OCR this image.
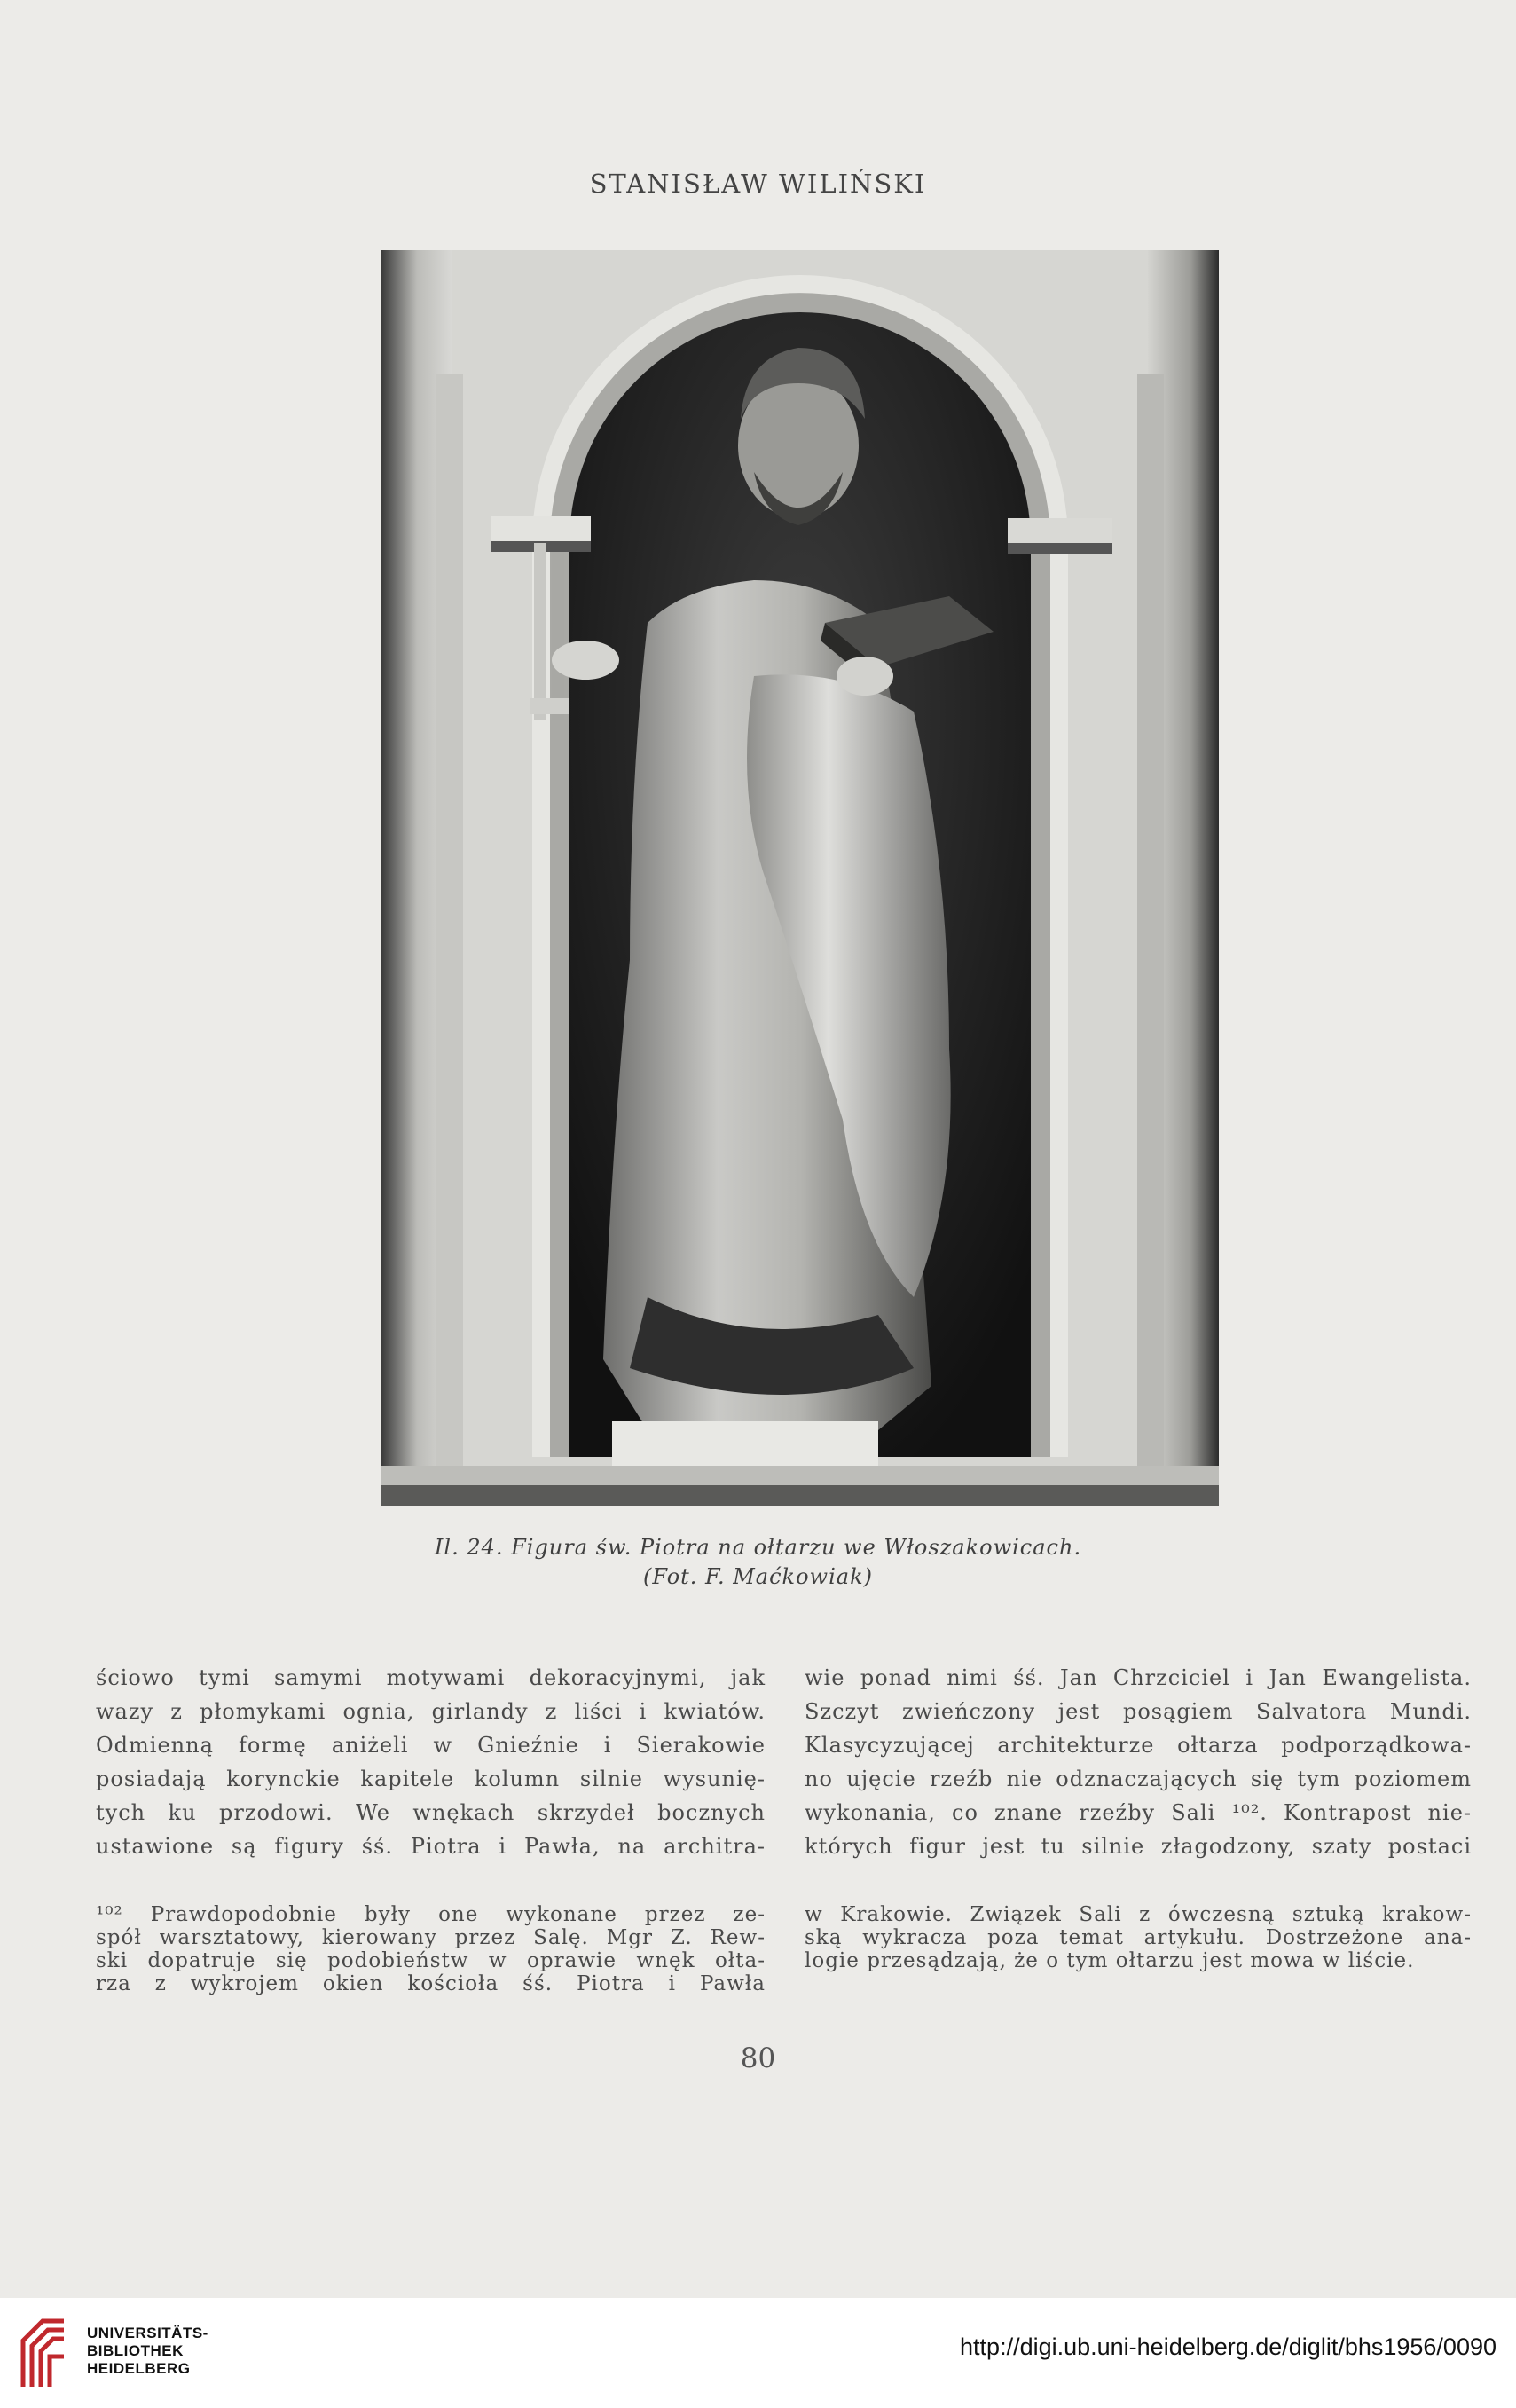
STANISŁAW WILIŃSKI
Il. 24. Figura św. Piotra na ołtarzu we Włoszakowicach.
(Fot. F. Maćkowiak)
ściowo tymi samymi motywami dekoracyjnymi, jak
wazy z płomykami ognia, girlandy z liści i kwiatów.
Odmienną formę aniżeli w Gnieźnie i Sierakowie
posiadają korynckie kapitele kolumn silnie wysunię-
tych ku przodowi. We wnękach skrzydeł bocznych
ustawione są figury śś. Piotra i Pawła, na architra-
wie ponad nimi śś. Jan Chrzciciel i Jan Ewangelista.
Szczyt zwieńczony jest posągiem Salvatora Mundi.
Klasycyzującej architekturze ołtarza podporządkowa-
no ujęcie rzeźb nie odznaczających się tym poziomem
wykonania, co znane rzeźby Sali ¹⁰². Kontrapost nie-
których figur jest tu silnie złagodzony, szaty postaci
¹⁰² Prawdopodobnie były one wykonane przez ze-
spół warsztatowy, kierowany przez Salę. Mgr Z. Rew-
ski dopatruje się podobieństw w oprawie wnęk ołta-
rza z wykrojem okien kościoła śś. Piotra i Pawła
w Krakowie. Związek Sali z ówczesną sztuką krakow-
ską wykracza poza temat artykułu. Dostrzeżone ana-
logie przesądzają, że o tym ołtarzu jest mowa w liście.
80
UNIVERSITÄTS-
BIBLIOTHEK
HEIDELBERG
http://digi.ub.uni-heidelberg.de/diglit/bhs1956/0090
